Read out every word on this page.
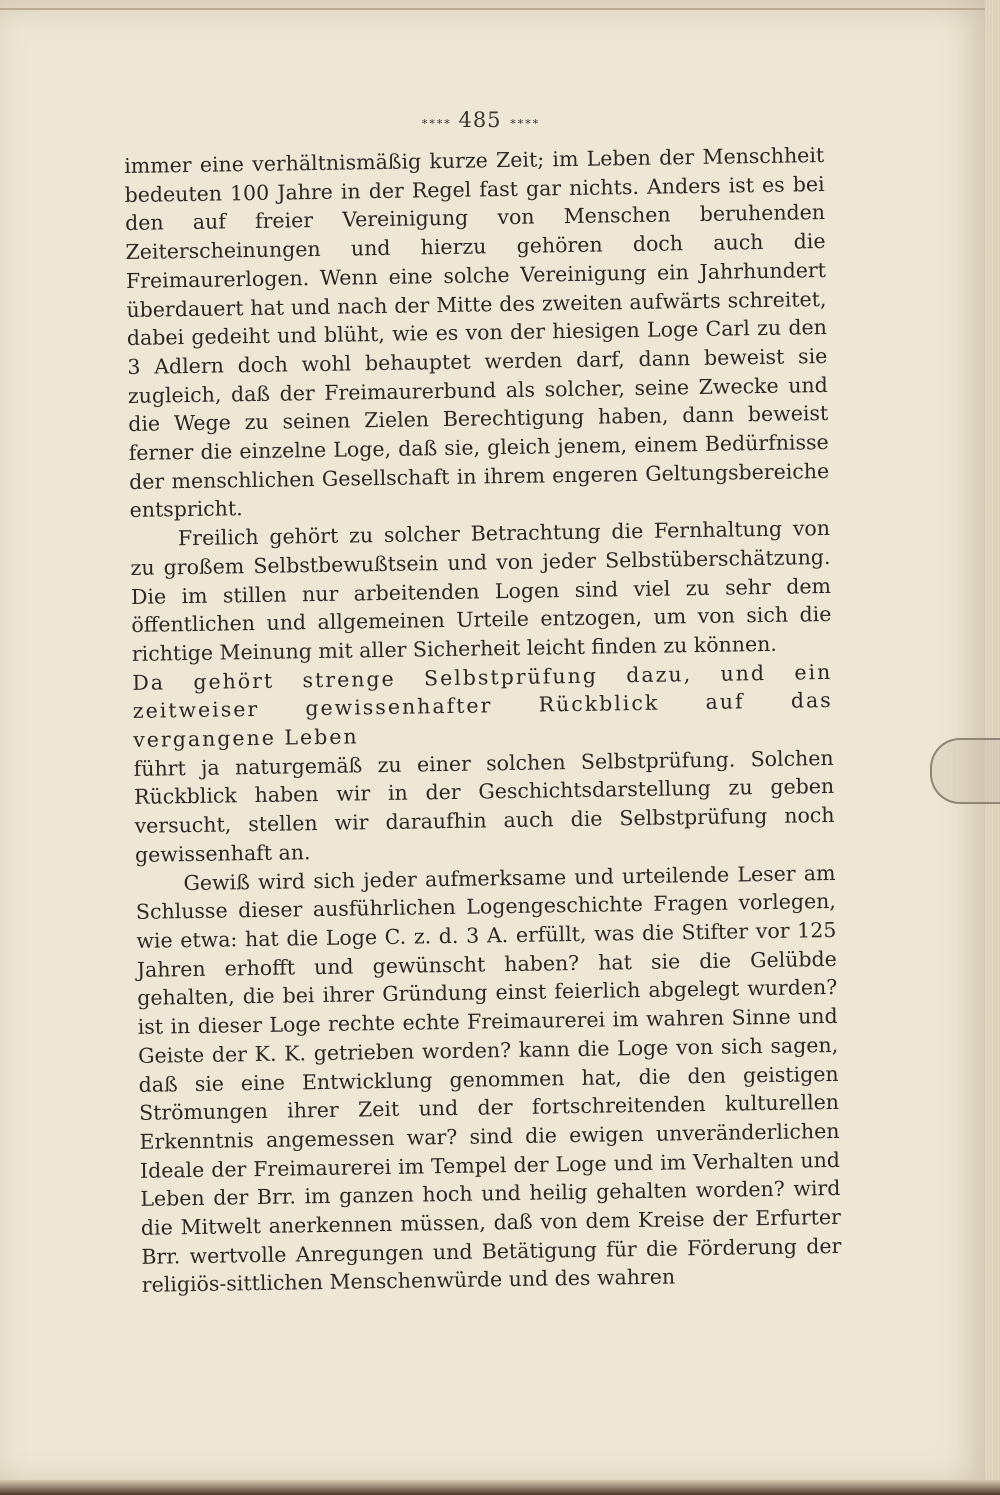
∗∗∗∗ 485 ∗∗∗∗

immer eine verhältnismäßig kurze Zeit; im Leben der Menschheit bedeuten 100 Jahre in der Regel fast gar nichts. Anders ist es bei den auf freier Vereinigung von Menschen beruhenden Zeiterscheinungen und hierzu gehören doch auch die Freimaurerlogen. Wenn eine solche Vereinigung ein Jahrhundert überdauert hat und nach der Mitte des zweiten aufwärts schreitet, dabei gedeiht und blüht, wie es von der hiesigen Loge Carl zu den 3 Adlern doch wohl behauptet werden darf, dann beweist sie zugleich, daß der Freimaurerbund als solcher, seine Zwecke und die Wege zu seinen Zielen Berechtigung haben, dann beweist ferner die einzelne Loge, daß sie, gleich jenem, einem Bedürfnisse der menschlichen Gesellschaft in ihrem engeren Geltungsbereiche entspricht.

Freilich gehört zu solcher Betrachtung die Fernhaltung von zu großem Selbstbewußtsein und von jeder Selbstüberschätzung. Die im stillen nur arbeitenden Logen sind viel zu sehr dem öffentlichen und allgemeinen Urteile entzogen, um von sich die richtige Meinung mit aller Sicherheit leicht finden zu können.

Da gehört strenge Selbstprüfung dazu, und ein zeitweiser gewissenhafter Rückblick auf das vergangene Leben

führt ja naturgemäß zu einer solchen Selbstprüfung. Solchen Rückblick haben wir in der Geschichtsdarstellung zu geben versucht, stellen wir daraufhin auch die Selbstprüfung noch gewissenhaft an.

Gewiß wird sich jeder aufmerksame und urteilende Leser am Schlusse dieser ausführlichen Logengeschichte Fragen vorlegen, wie etwa: hat die Loge C. z. d. 3 A. erfüllt, was die Stifter vor 125 Jahren erhofft und gewünscht haben? hat sie die Gelübde gehalten, die bei ihrer Gründung einst feierlich abgelegt wurden? ist in dieser Loge rechte echte Freimaurerei im wahren Sinne und Geiste der K. K. getrieben worden? kann die Loge von sich sagen, daß sie eine Entwicklung genommen hat, die den geistigen Strömungen ihrer Zeit und der fortschreitenden kulturellen Erkenntnis angemessen war? sind die ewigen unveränderlichen Ideale der Freimaurerei im Tempel der Loge und im Verhalten und Leben der Brr. im ganzen hoch und heilig gehalten worden? wird die Mitwelt anerkennen müssen, daß von dem Kreise der Erfurter Brr. wertvolle Anregungen und Betätigung für die Förderung der religiös-sittlichen Menschenwürde und des wahren
